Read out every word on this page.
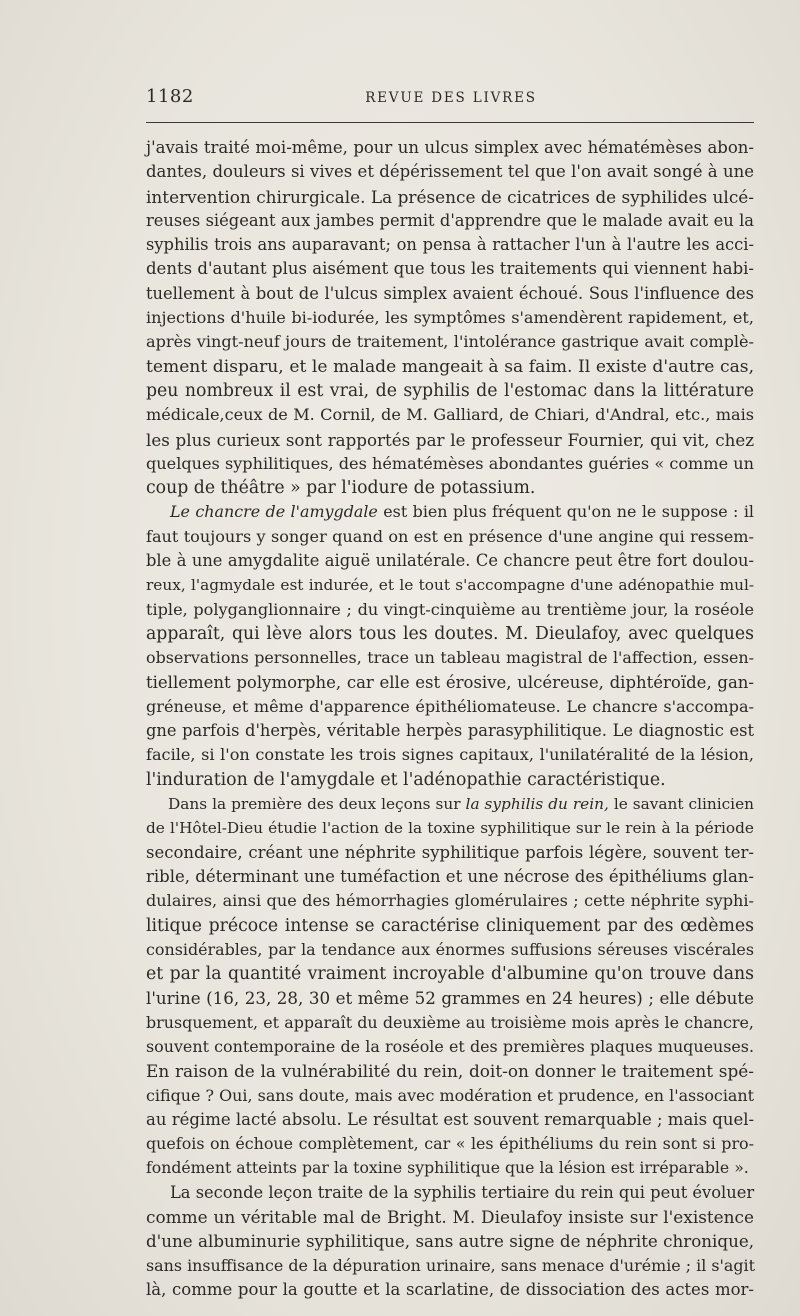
1182	REVUE DES LIVRES
j'avais traité moi-même, pour un ulcus simplex avec hématémèses abon-
dantes, douleurs si vives et dépérissement tel que l'on avait songé à une
intervention chirurgicale. La présence de cicatrices de syphilides ulcé-
reuses siégeant aux jambes permit d'apprendre que le malade avait eu la
syphilis trois ans auparavant; on pensa à rattacher l'un à l'autre les acci-
dents d'autant plus aisément que tous les traitements qui viennent habi-
tuellement à bout de l'ulcus simplex avaient échoué. Sous l'influence des
injections d'huile bi-iodurée, les symptômes s'amendèrent rapidement, et,
après vingt-neuf jours de traitement, l'intolérance gastrique avait complè-
tement disparu, et le malade mangeait à sa faim. Il existe d'autre cas,
peu nombreux il est vrai, de syphilis de l'estomac dans la littérature
médicale,ceux de M. Cornil, de M. Galliard, de Chiari, d'Andral, etc., mais
les plus curieux sont rapportés par le professeur Fournier, qui vit, chez
quelques syphilitiques, des hématémèses abondantes guéries « comme un
coup de théâtre » par l'iodure de potassium.
Le chancre de l'amygdale est bien plus fréquent qu'on ne le suppose : il
faut toujours y songer quand on est en présence d'une angine qui ressem-
ble à une amygdalite aiguë unilatérale. Ce chancre peut être fort doulou-
reux, l'agmydale est indurée, et le tout s'accompagne d'une adénopathie mul-
tiple, polyganglionnaire ; du vingt-cinquième au trentième jour, la roséole
apparaît, qui lève alors tous les doutes. M. Dieulafoy, avec quelques
observations personnelles, trace un tableau magistral de l'affection, essen-
tiellement polymorphe, car elle est érosive, ulcéreuse, diphtéroïde, gan-
gréneuse, et même d'apparence épithéliomateuse. Le chancre s'accompa-
gne parfois d'herpès, véritable herpès parasyphilitique. Le diagnostic est
facile, si l'on constate les trois signes capitaux, l'unilatéralité de la lésion,
l'induration de l'amygdale et l'adénopathie caractéristique.
Dans la première des deux leçons sur la syphilis du rein, le savant clinicien
de l'Hôtel-Dieu étudie l'action de la toxine syphilitique sur le rein à la période
secondaire, créant une néphrite syphilitique parfois légère, souvent ter-
rible, déterminant une tuméfaction et une nécrose des épithéliums glan-
dulaires, ainsi que des hémorrhagies glomérulaires ; cette néphrite syphi-
litique précoce intense se caractérise cliniquement par des œdèmes
considérables, par la tendance aux énormes suffusions séreuses viscérales
et par la quantité vraiment incroyable d'albumine qu'on trouve dans
l'urine (16, 23, 28, 30 et même 52 grammes en 24 heures) ; elle débute
brusquement, et apparaît du deuxième au troisième mois après le chancre,
souvent contemporaine de la roséole et des premières plaques muqueuses.
En raison de la vulnérabilité du rein, doit-on donner le traitement spé-
cifique ? Oui, sans doute, mais avec modération et prudence, en l'associant
au régime lacté absolu. Le résultat est souvent remarquable ; mais quel-
quefois on échoue complètement, car « les épithéliums du rein sont si pro-
fondément atteints par la toxine syphilitique que la lésion est irréparable ».
La seconde leçon traite de la syphilis tertiaire du rein qui peut évoluer
comme un véritable mal de Bright. M. Dieulafoy insiste sur l'existence
d'une albuminurie syphilitique, sans autre signe de néphrite chronique,
sans insuffisance de la dépuration urinaire, sans menace d'urémie ; il s'agit
là, comme pour la goutte et la scarlatine, de dissociation des actes mor-
